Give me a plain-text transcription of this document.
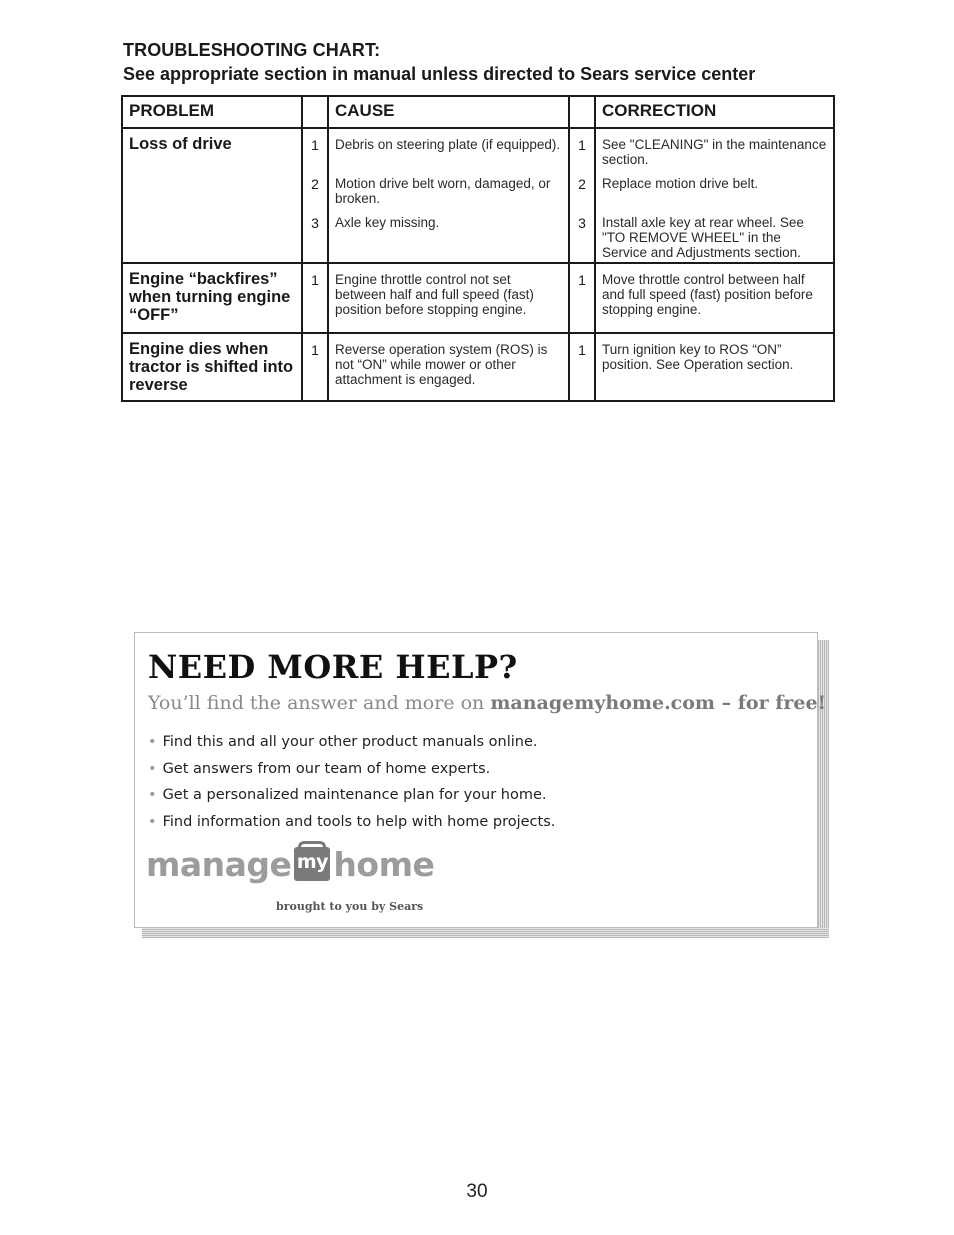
TROUBLESHOOTING CHART:
See appropriate section in manual unless directed to Sears service center
PROBLEM		CAUSE		CORRECTION
Loss of drive	1	Debris on steering plate (if equipped).	1	See "CLEANING" in the maintenance section.
	2	Motion drive belt worn, damaged, or broken.	2	Replace motion drive belt.
	3	Axle key missing.	3	Install axle key at rear wheel. See "TO REMOVE WHEEL" in the Service and Adjustments section.
Engine “backfires” when turning engine “OFF”	1	Engine throttle control not set between half and full speed (fast) position before stopping engine.	1	Move throttle control between half and full speed (fast) position before stopping engine.
Engine dies when tractor is shifted into reverse	1	Reverse operation system (ROS) is not “ON” while mower or other attachment is engaged.	1	Turn ignition key to ROS “ON” position. See Operation section.
NEED MORE HELP?

You’ll find the answer and more on managemyhome.com – for free!

• Find this and all your other product manuals online.
• Get answers from our team of home experts.
• Get a personalized maintenance plan for your home.
• Find information and tools to help with home projects.
manage my home

brought to you by Sears

30
